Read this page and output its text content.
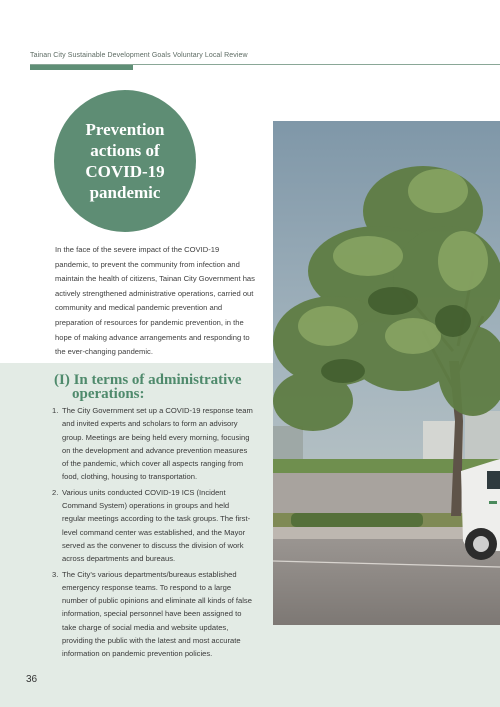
Tainan City Sustainable Development Goals Voluntary Local Review
Prevention actions of COVID-19 pandemic
In the face of the severe impact of the COVID-19 pandemic, to prevent the community from infection and maintain the health of citizens, Tainan City Government has actively strengthened administrative operations, carried out community and medical pandemic prevention and preparation of resources for pandemic prevention, in the hope of making advance arrangements and responding to the ever-changing pandemic.
(I) In terms of administrative
operations:
1. The City Government set up a COVID-19 response team and invited experts and scholars to form an advisory group. Meetings are being held every morning, focusing on the development and advance prevention measures of the pandemic, which cover all aspects ranging from food, clothing, housing to transportation.
2. Various units conducted COVID-19 ICS (Incident Command System) operations in groups and held regular meetings according to the task groups. The first-level command center was established, and the Mayor served as the convener to discuss the division of work across departments and bureaus.
3. The City’s various departments/bureaus established emergency response teams. To respond to a large number of public opinions and eliminate all kinds of false information, special personnel have been assigned to take charge of social media and website updates, providing the public with the latest and most accurate information on pandemic prevention policies.
36
